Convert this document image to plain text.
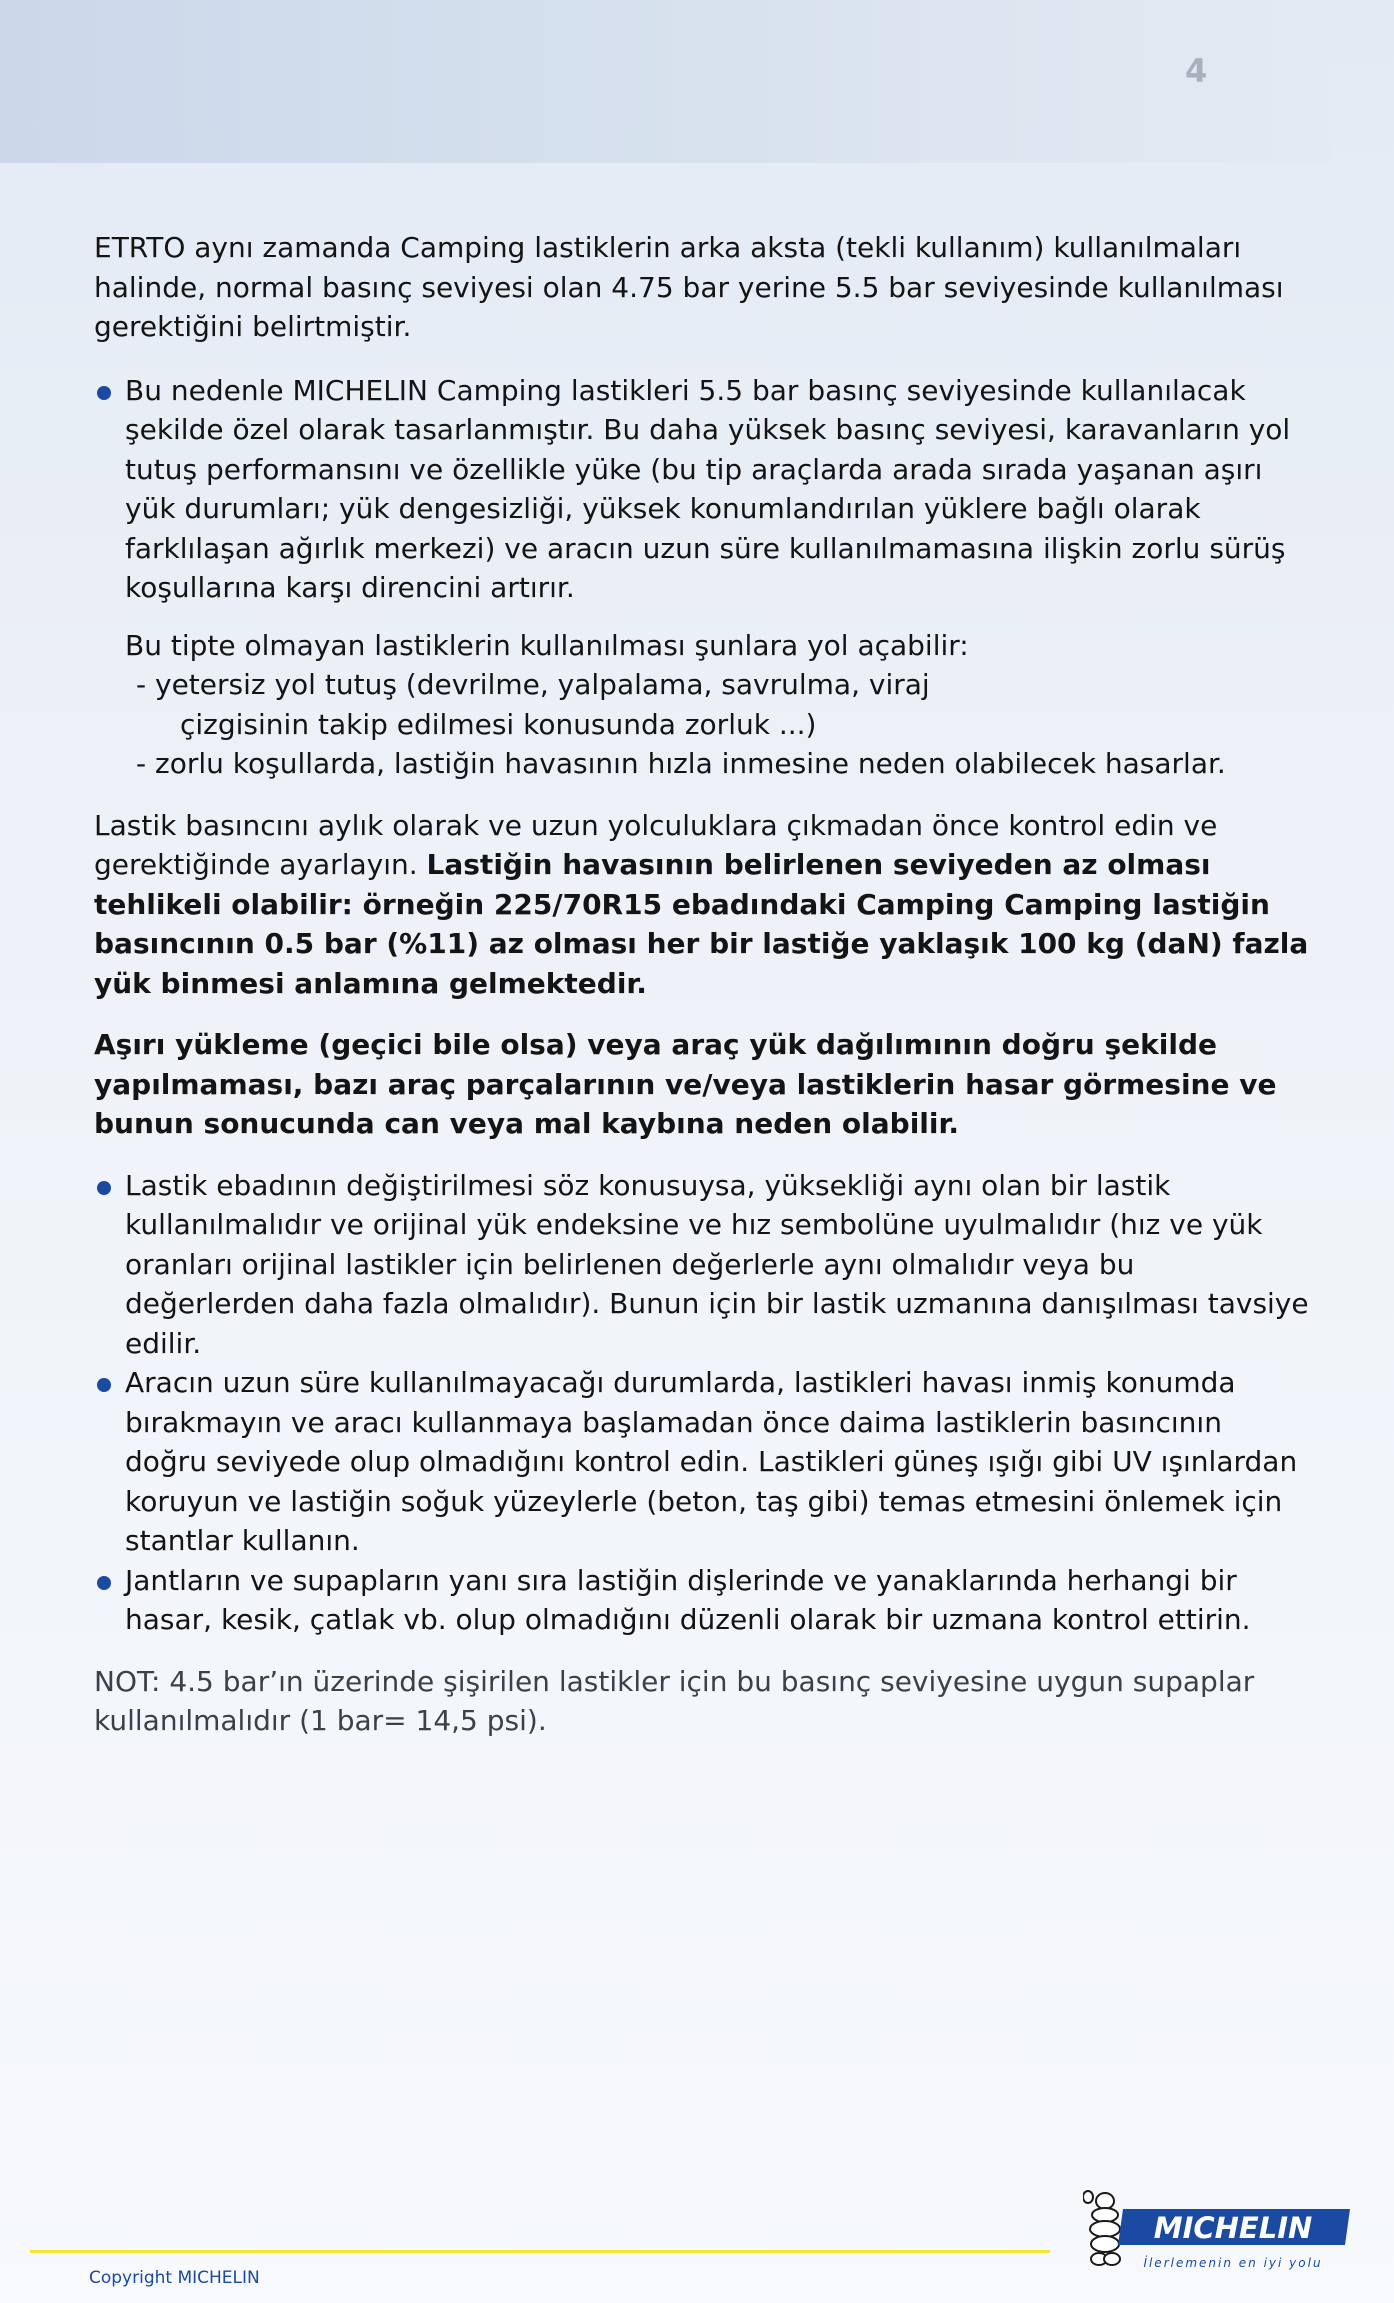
4

ETRTO aynı zamanda Camping lastiklerin arka aksta (tekli kullanım) kullanılmaları halinde, normal basınç seviyesi olan 4.75 bar yerine 5.5 bar seviyesinde kullanılması gerektiğini belirtmiştir.

Bu nedenle MICHELIN Camping lastikleri 5.5 bar basınç seviyesinde kullanılacak şekilde özel olarak tasarlanmıştır. Bu daha yüksek basınç seviyesi, karavanların yol tutuş performansını ve özellikle yüke (bu tip araçlarda arada sırada yaşanan aşırı yük durumları; yük dengesizliği, yüksek konumlandırılan yüklere bağlı olarak farklılaşan ağırlık merkezi) ve aracın uzun süre kullanılmamasına ilişkin zorlu sürüş koşullarına karşı direncini artırır.

Bu tipte olmayan lastiklerin kullanılması şunlara yol açabilir:

- yetersiz yol tutuş (devrilme, yalpalama, savrulma, viraj

çizgisinin takip edilmesi konusunda zorluk ...)

- zorlu koşullarda, lastiğin havasının hızla inmesine neden olabilecek hasarlar.

Lastik basıncını aylık olarak ve uzun yolculuklara çıkmadan önce kontrol edin ve gerektiğinde ayarlayın. Lastiğin havasının belirlenen seviyeden az olması tehlikeli olabilir: örneğin 225/70R15 ebadındaki Camping Camping lastiğin basıncının 0.5 bar (%11) az olması her bir lastiğe yaklaşık 100 kg (daN) fazla yük binmesi anlamına gelmektedir.

Aşırı yükleme (geçici bile olsa) veya araç yük dağılımının doğru şekilde yapılmaması, bazı araç parçalarının ve/veya lastiklerin hasar görmesine ve bunun sonucunda can veya mal kaybına neden olabilir.

Lastik ebadının değiştirilmesi söz konusuysa, yüksekliği aynı olan bir lastik kullanılmalıdır ve orijinal yük endeksine ve hız sembolüne uyulmalıdır (hız ve yük oranları orijinal lastikler için belirlenen değerlerle aynı olmalıdır veya bu değerlerden daha fazla olmalıdır). Bunun için bir lastik uzmanına danışılması tavsiye edilir.

Aracın uzun süre kullanılmayacağı durumlarda, lastikleri havası inmiş konumda bırakmayın ve aracı kullanmaya başlamadan önce daima lastiklerin basıncının doğru seviyede olup olmadığını kontrol edin. Lastikleri güneş ışığı gibi UV ışınlardan koruyun ve lastiğin soğuk yüzeylerle (beton, taş gibi) temas etmesini önlemek için stantlar kullanın.

Jantların ve supapların yanı sıra lastiğin dişlerinde ve yanaklarında herhangi bir hasar, kesik, çatlak vb. olup olmadığını düzenli olarak bir uzmana kontrol ettirin.

NOT: 4.5 bar’ın üzerinde şişirilen lastikler için bu basınç seviyesine uygun supaplar kullanılmalıdır (1 bar= 14,5 psi).

Copyright MICHELIN
MICHELIN
İlerlemenin en iyi yolu
